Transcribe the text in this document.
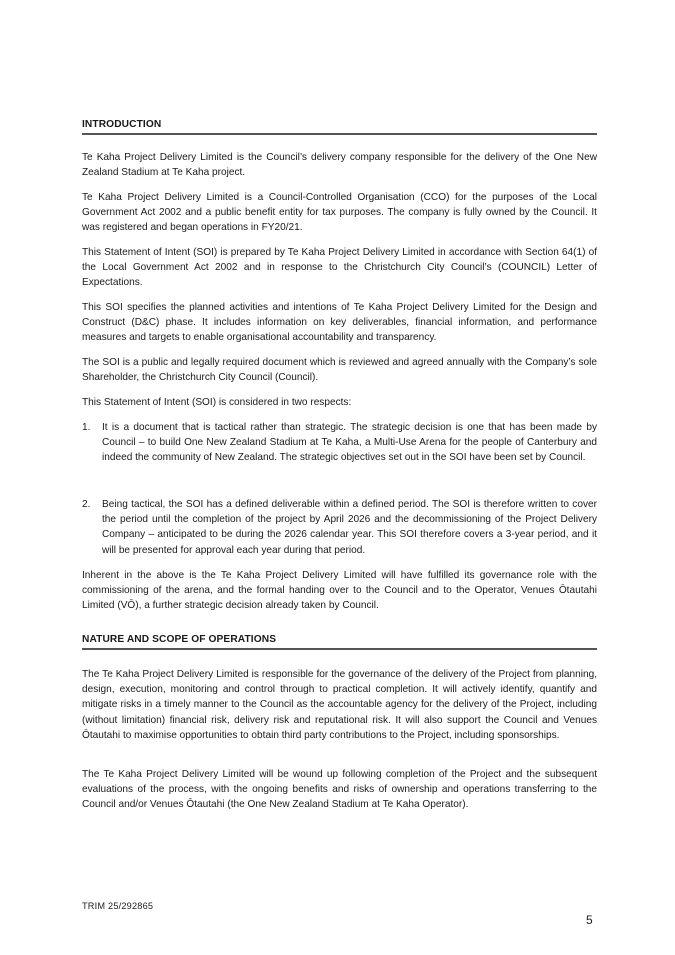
INTRODUCTION

Te Kaha Project Delivery Limited is the Council’s delivery company responsible for the delivery of the One New Zealand Stadium at Te Kaha project.

Te Kaha Project Delivery Limited is a Council-Controlled Organisation (CCO) for the purposes of the Local Government Act 2002 and a public benefit entity for tax purposes. The company is fully owned by the Council. It was registered and began operations in FY20/21.

This Statement of Intent (SOI) is prepared by Te Kaha Project Delivery Limited in accordance with Section 64(1) of the Local Government Act 2002 and in response to the Christchurch City Council’s (COUNCIL) Letter of Expectations.

This SOI specifies the planned activities and intentions of Te Kaha Project Delivery Limited for the Design and Construct (D&C) phase. It includes information on key deliverables, financial information, and performance measures and targets to enable organisational accountability and transparency.

The SOI is a public and legally required document which is reviewed and agreed annually with the Company’s sole Shareholder, the Christchurch City Council (Council).

This Statement of Intent (SOI) is considered in two respects:

1. It is a document that is tactical rather than strategic. The strategic decision is one that has been made by Council – to build One New Zealand Stadium at Te Kaha, a Multi-Use Arena for the people of Canterbury and indeed the community of New Zealand. The strategic objectives set out in the SOI have been set by Council.
2. Being tactical, the SOI has a defined deliverable within a defined period. The SOI is therefore written to cover the period until the completion of the project by April 2026 and the decommissioning of the Project Delivery Company – anticipated to be during the 2026 calendar year. This SOI therefore covers a 3-year period, and it will be presented for approval each year during that period.

Inherent in the above is the Te Kaha Project Delivery Limited will have fulfilled its governance role with the commissioning of the arena, and the formal handing over to the Council and to the Operator, Venues Ōtautahi Limited (VŌ), a further strategic decision already taken by Council.

NATURE AND SCOPE OF OPERATIONS

The Te Kaha Project Delivery Limited is responsible for the governance of the delivery of the Project from planning, design, execution, monitoring and control through to practical completion. It will actively identify, quantify and mitigate risks in a timely manner to the Council as the accountable agency for the delivery of the Project, including (without limitation) financial risk, delivery risk and reputational risk. It will also support the Council and Venues Ōtautahi to maximise opportunities to obtain third party contributions to the Project, including sponsorships.

The Te Kaha Project Delivery Limited will be wound up following completion of the Project and the subsequent evaluations of the process, with the ongoing benefits and risks of ownership and operations transferring to the Council and/or Venues Ōtautahi (the One New Zealand Stadium at Te Kaha Operator).

TRIM 25/292865
5
